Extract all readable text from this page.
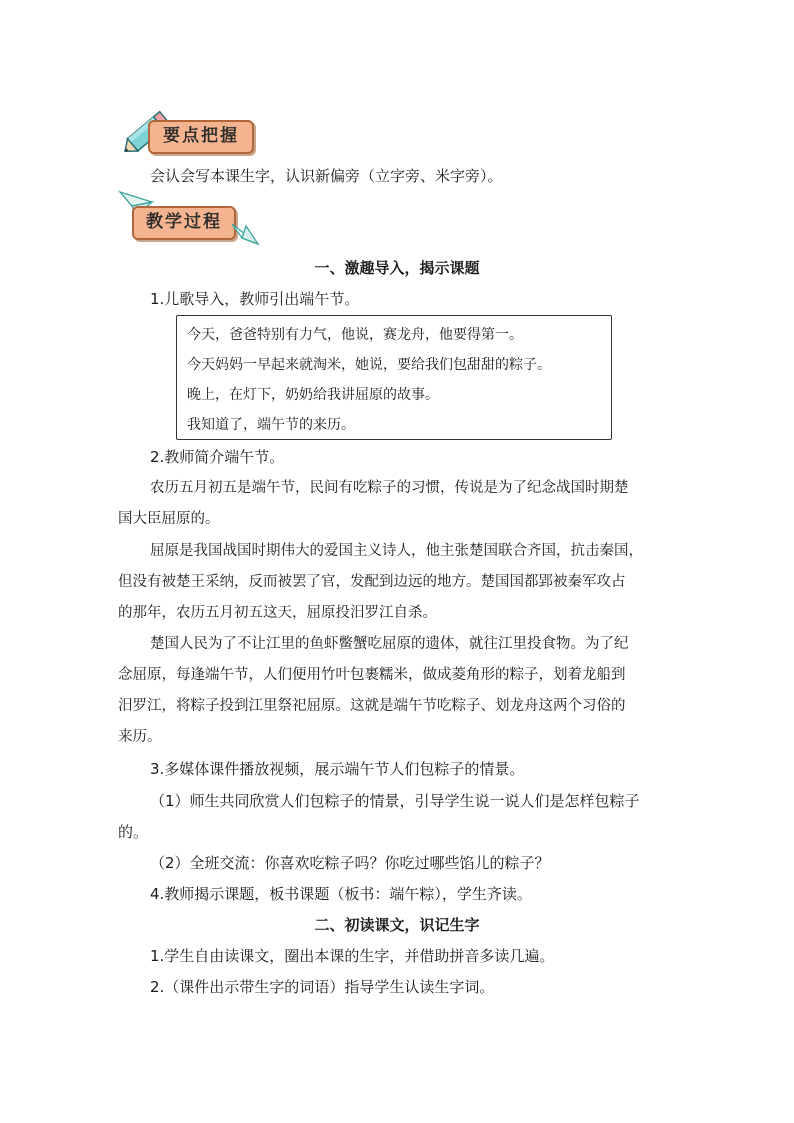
要点把握
会认会写本课生字，认识新偏旁（立字旁、米字旁）。
教学过程
一、激趣导入，揭示课题
1.儿歌导入，教师引出端午节。
今天，爸爸特别有力气，他说，赛龙舟，他要得第一。
今天妈妈一早起来就淘米，她说，要给我们包甜甜的粽子。
晚上，在灯下，奶奶给我讲屈原的故事。
我知道了，端午节的来历。
2.教师简介端午节。
农历五月初五是端午节，民间有吃粽子的习惯，传说是为了纪念战国时期楚
国大臣屈原的。
屈原是我国战国时期伟大的爱国主义诗人，他主张楚国联合齐国，抗击秦国，
但没有被楚王采纳，反而被罢了官，发配到边远的地方。楚国国都郢被秦军攻占
的那年，农历五月初五这天，屈原投汨罗江自杀。
楚国人民为了不让江里的鱼虾鳖蟹吃屈原的遗体，就往江里投食物。为了纪
念屈原，每逢端午节，人们便用竹叶包裹糯米，做成菱角形的粽子，划着龙船到
汨罗江，将粽子投到江里祭祀屈原。这就是端午节吃粽子、划龙舟这两个习俗的
来历。
3.多媒体课件播放视频，展示端午节人们包粽子的情景。
（1）师生共同欣赏人们包粽子的情景，引导学生说一说人们是怎样包粽子
的。
（2）全班交流：你喜欢吃粽子吗？你吃过哪些馅儿的粽子？
4.教师揭示课题，板书课题（板书：端午粽），学生齐读。
二、初读课文，识记生字
1.学生自由读课文，圈出本课的生字，并借助拼音多读几遍。
2.（课件出示带生字的词语）指导学生认读生字词。
